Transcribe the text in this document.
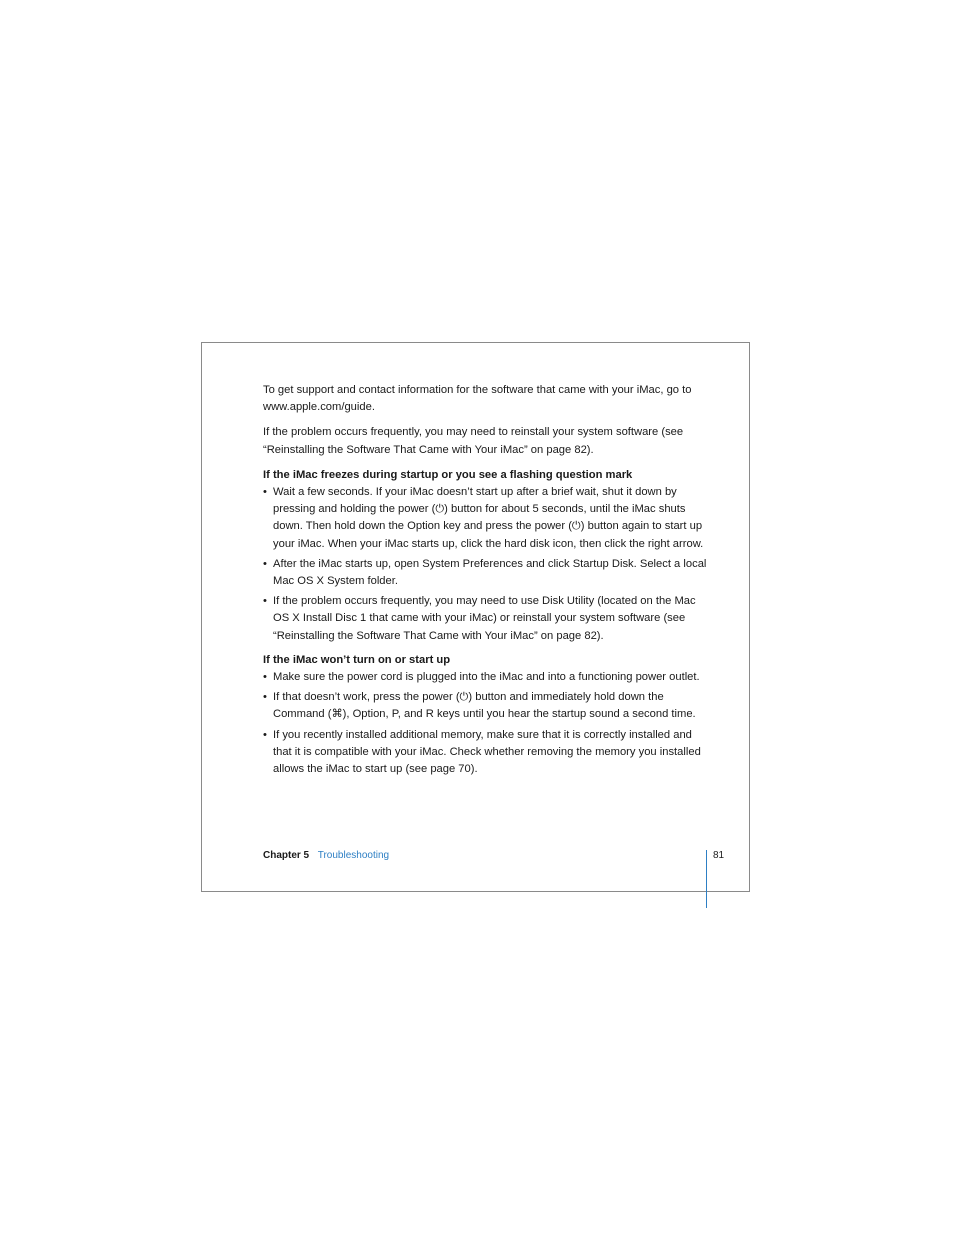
To get support and contact information for the software that came with your iMac, go to www.apple.com/guide.

If the problem occurs frequently, you may need to reinstall your system software (see “Reinstalling the Software That Came with Your iMac” on page 82).

If the iMac freezes during startup or you see a flashing question mark
• Wait a few seconds. If your iMac doesn’t start up after a brief wait, shut it down by pressing and holding the power (⏻) button for about 5 seconds, until the iMac shuts down. Then hold down the Option key and press the power (⏻) button again to start up your iMac. When your iMac starts up, click the hard disk icon, then click the right arrow.
• After the iMac starts up, open System Preferences and click Startup Disk. Select a local Mac OS X System folder.
• If the problem occurs frequently, you may need to use Disk Utility (located on the Mac OS X Install Disc 1 that came with your iMac) or reinstall your system software (see “Reinstalling the Software That Came with Your iMac” on page 82).
If the iMac won’t turn on or start up
• Make sure the power cord is plugged into the iMac and into a functioning power outlet.
• If that doesn’t work, press the power (⏻) button and immediately hold down the Command (⌘), Option, P, and R keys until you hear the startup sound a second time.
• If you recently installed additional memory, make sure that it is correctly installed and that it is compatible with your iMac. Check whether removing the memory you installed allows the iMac to start up (see page 70).
Chapter 5 Troubleshooting	81
